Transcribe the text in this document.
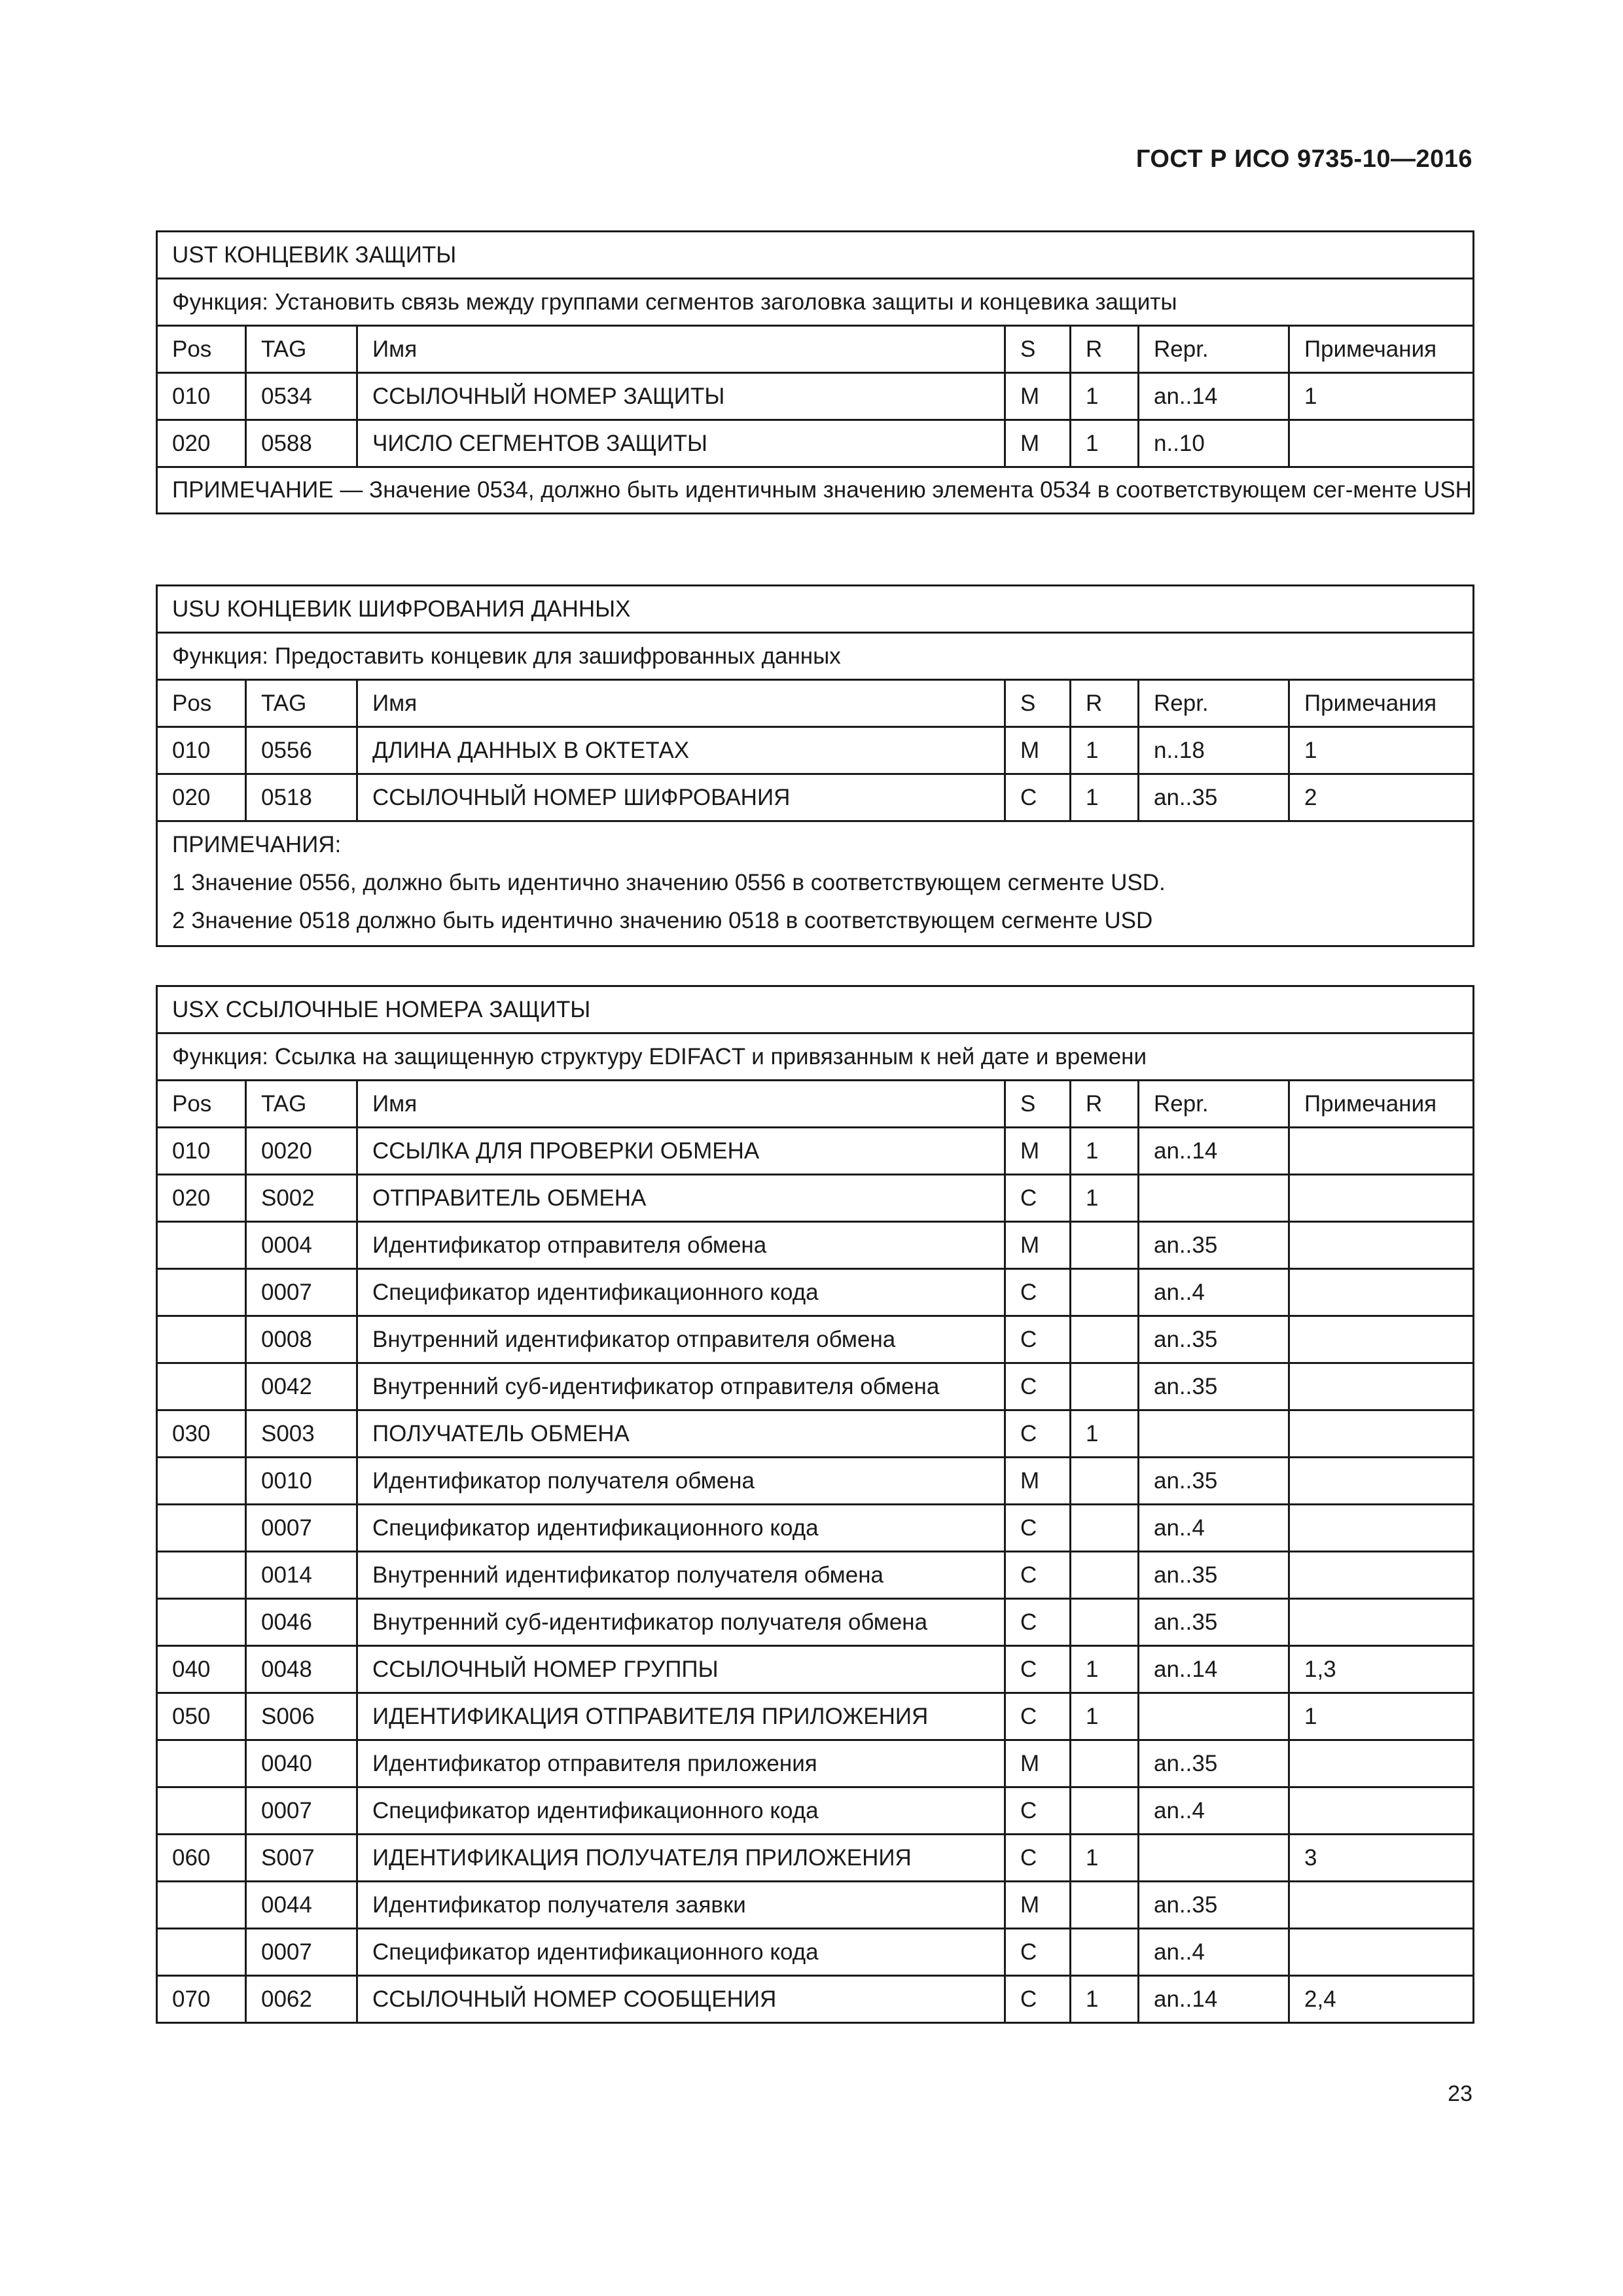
ГОСТ Р ИСО 9735-10—2016
UST КОНЦЕВИК ЗАЩИТЫ						
Функция: Установить связь между группами сегментов заголовка защиты и концевика защиты						
Pos	TAG	Имя	S	R	Repr.	Примечания
010	0534	ССЫЛОЧНЫЙ НОМЕР ЗАЩИТЫ	M	1	an..14	1
020	0588	ЧИСЛО СЕГМЕНТОВ ЗАЩИТЫ	M	1	n..10	
ПРИМЕЧАНИЕ — Значение 0534, должно быть идентичным значению элемента 0534 в соответствующем сег-менте USH						
USU КОНЦЕВИК ШИФРОВАНИЯ ДАННЫХ						
Функция: Предоставить концевик для зашифрованных данных						
Pos	TAG	Имя	S	R	Repr.	Примечания
010	0556	ДЛИНА ДАННЫХ В ОКТЕТАХ	M	1	n..18	1
020	0518	ССЫЛОЧНЫЙ НОМЕР ШИФРОВАНИЯ	C	1	an..35	2

ПРИМЕЧАНИЯ:
1 Значение 0556, должно быть идентично значению 0556 в соответствующем сегменте USD.
2 Значение 0518 должно быть идентично значению 0518 в соответствующем сегменте USD						
USX ССЫЛОЧНЫЕ НОМЕРА ЗАЩИТЫ						
Функция: Ссылка на защищенную структуру EDIFACT и привязанным к ней дате и времени						
Pos	TAG	Имя	S	R	Repr.	Примечания
010	0020	ССЫЛКА ДЛЯ ПРОВЕРКИ ОБМЕНА	M	1	an..14	
020	S002	ОТПРАВИТЕЛЬ ОБМЕНА	C	1		
	0004	Идентификатор отправителя обмена	M		an..35	
	0007	Спецификатор идентификационного кода	C		an..4	
	0008	Внутренний идентификатор отправителя обмена	C		an..35	
	0042	Внутренний суб-идентификатор отправителя обмена	C		an..35	
030	S003	ПОЛУЧАТЕЛЬ ОБМЕНА	C	1		
	0010	Идентификатор получателя обмена	M		an..35	
	0007	Спецификатор идентификационного кода	C		an..4	
	0014	Внутренний идентификатор получателя обмена	C		an..35	
	0046	Внутренний суб-идентификатор получателя обмена	C		an..35	
040	0048	ССЫЛОЧНЫЙ НОМЕР ГРУППЫ	C	1	an..14	1,3
050	S006	ИДЕНТИФИКАЦИЯ ОТПРАВИТЕЛЯ ПРИЛОЖЕНИЯ	C	1		1
	0040	Идентификатор отправителя приложения	M		an..35	
	0007	Спецификатор идентификационного кода	C		an..4	
060	S007	ИДЕНТИФИКАЦИЯ ПОЛУЧАТЕЛЯ ПРИЛОЖЕНИЯ	C	1		3
	0044	Идентификатор получателя заявки	M		an..35	
	0007	Спецификатор идентификационного кода	C		an..4	
070	0062	ССЫЛОЧНЫЙ НОМЕР СООБЩЕНИЯ	C	1	an..14	2,4
23
